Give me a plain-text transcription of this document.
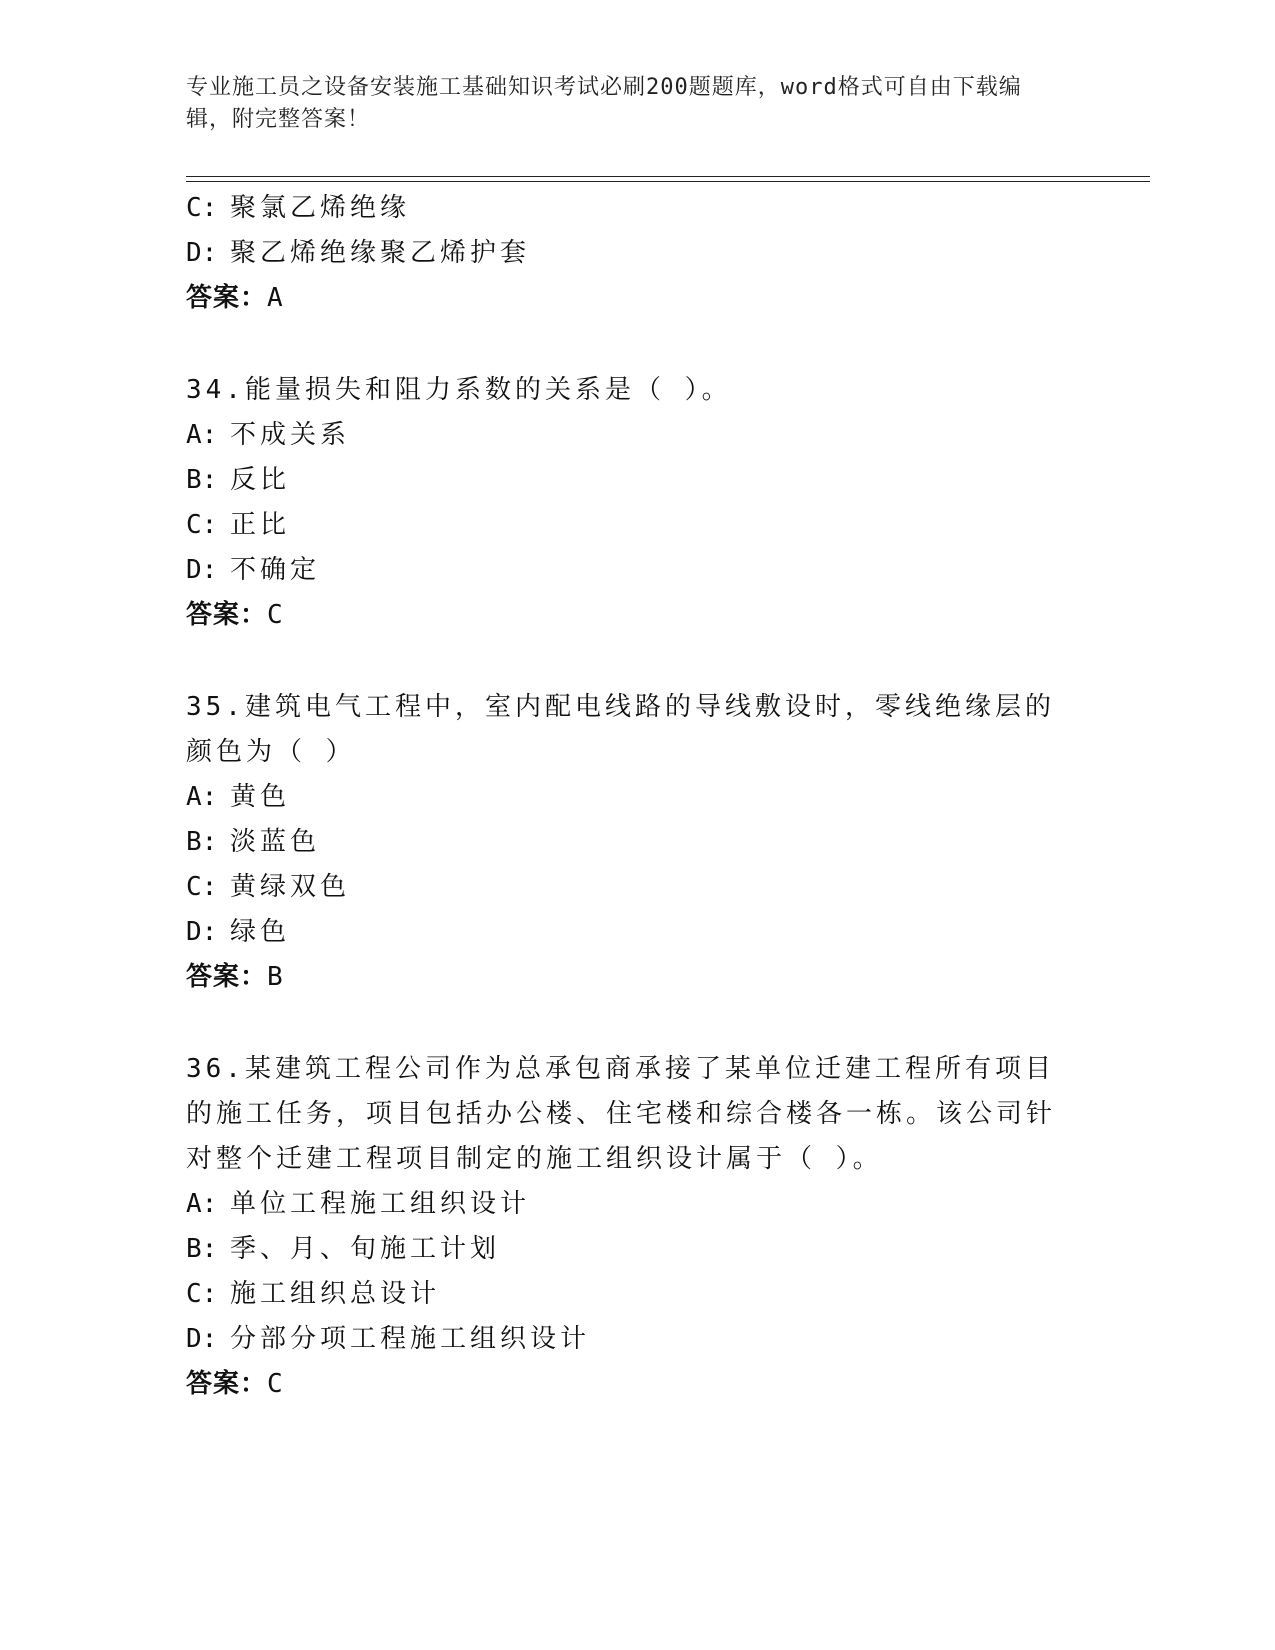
专业施工员之设备安装施工基础知识考试必刷200题题库，word格式可自由下载编辑，附完整答案！
C: 聚氯乙烯绝缘
D: 聚乙烯绝缘聚乙烯护套
答案：A
34.能量损失和阻力系数的关系是（ ）。
A: 不成关系
B: 反比
C: 正比
D: 不确定
答案：C
35.建筑电气工程中，室内配电线路的导线敷设时，零线绝缘层的颜色为（ ）
A: 黄色
B: 淡蓝色
C: 黄绿双色
D: 绿色
答案：B
36.某建筑工程公司作为总承包商承接了某单位迁建工程所有项目的施工任务，项目包括办公楼、住宅楼和综合楼各一栋。该公司针对整个迁建工程项目制定的施工组织设计属于（ ）。
A: 单位工程施工组织设计
B: 季、月、旬施工计划
C: 施工组织总设计
D: 分部分项工程施工组织设计
答案：C
